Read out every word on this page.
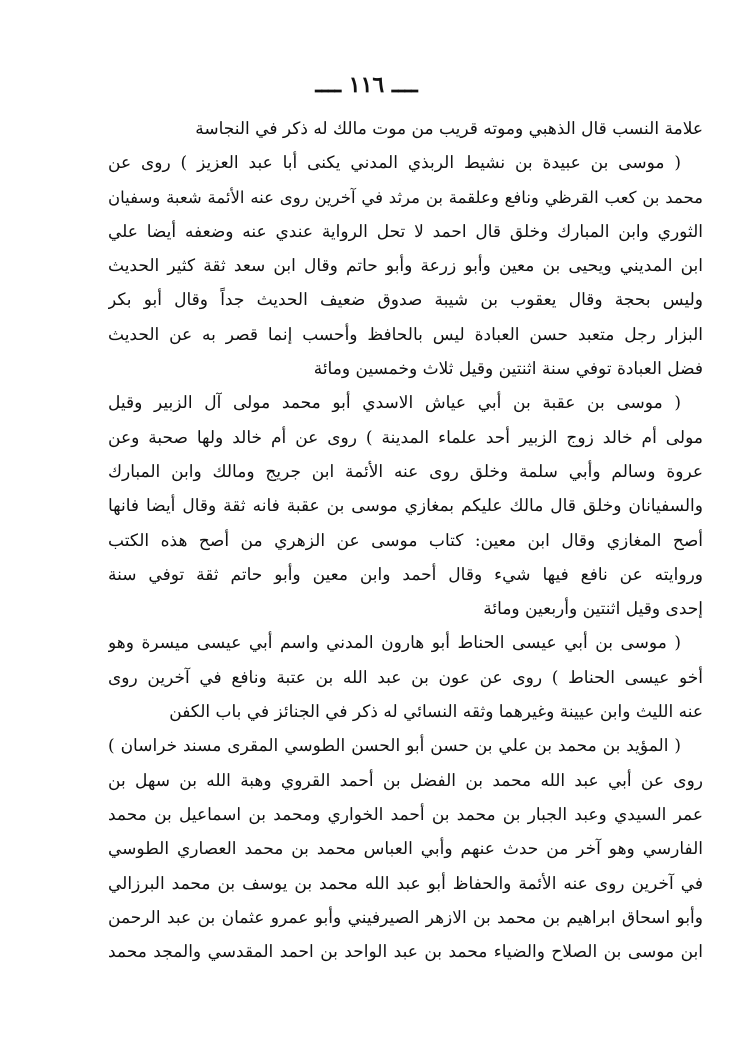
ــــ ١١٦ ــــ
علامة النسب قال الذهبي وموته قريب من موت مالك له ذكر في النجاسة
( موسى بن عبيدة بن نشيط الربذي المدني يكنى أبا عبد العزيز ) روى عن
محمد بن كعب القرظي ونافع وعلقمة بن مرثد في آخرين روى عنه الأئمة شعبة وسفيان
الثوري وابن المبارك وخلق قال احمد لا تحل الرواية عندي عنه وضعفه أيضا علي
ابن المديني ويحيى بن معين وأبو زرعة وأبو حاتم وقال ابن سعد ثقة كثير الحديث
وليس بحجة وقال يعقوب بن شيبة صدوق ضعيف الحديث جداً وقال أبو بكر
البزار رجل متعبد حسن العبادة ليس بالحافظ وأحسب إنما قصر به عن الحديث
فضل العبادة توفي سنة اثنتين وقيل ثلاث وخمسين ومائة
( موسى بن عقبة بن أبي عياش الاسدي أبو محمد مولى آل الزبير وقيل
مولى أم خالد زوج الزبير أحد علماء المدينة ) روى عن أم خالد ولها صحبة وعن
عروة وسالم وأبي سلمة وخلق روى عنه الأئمة ابن جريج ومالك وابن المبارك
والسفيانان وخلق قال مالك عليكم بمغازي موسى بن عقبة فانه ثقة وقال أيضا فانها
أصح المغازي وقال ابن معين: كتاب موسى عن الزهري من أصح هذه الكتب
وروايته عن نافع فيها شيء وقال أحمد وابن معين وأبو حاتم ثقة توفي سنة
إحدى وقيل اثنتين وأربعين ومائة
( موسى بن أبي عيسى الحناط أبو هارون المدني واسم أبي عيسى ميسرة وهو
أخو عيسى الحناط ) روى عن عون بن عبد الله بن عتبة ونافع في آخرين روى
عنه الليث وابن عيينة وغيرهما وثقه النسائي له ذكر في الجنائز في باب الكفن
( المؤيد بن محمد بن علي بن حسن أبو الحسن الطوسي المقرى مسند خراسان )
روى عن أبي عبد الله محمد بن الفضل بن أحمد القروي وهبة الله بن سهل بن
عمر السيدي وعبد الجبار بن محمد بن أحمد الخواري ومحمد بن اسماعيل بن محمد
الفارسي وهو آخر من حدث عنهم وأبي العباس محمد بن محمد العصاري الطوسي
في آخرين روى عنه الأئمة والحفاظ أبو عبد الله محمد بن يوسف بن محمد البرزالي
وأبو اسحاق ابراهيم بن محمد بن الازهر الصيرفيني وأبو عمرو عثمان بن عبد الرحمن
ابن موسى بن الصلاح والضياء محمد بن عبد الواحد بن احمد المقدسي والمجد محمد
